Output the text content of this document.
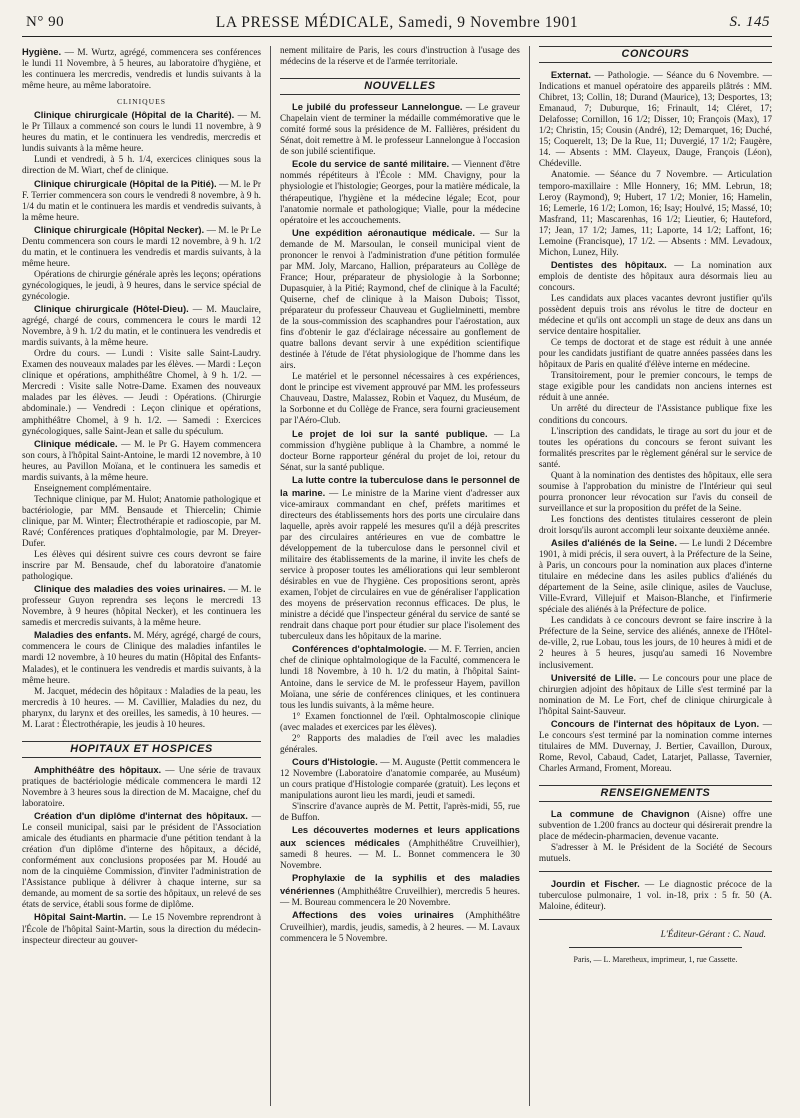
N° 90	LA PRESSE MÉDICALE, Samedi, 9 Novembre 1901	S. 145

Hygiène. — M. Wurtz, agrégé, commencera ses conférences le lundi 11 Novembre, à 5 heures, au laboratoire d'hygiène, et les continuera les mercredis, vendredis et lundis suivants à la même heure, au même laboratoire.

CLINIQUES

Clinique chirurgicale (Hôpital de la Charité). — M. le Pr Tillaux a commencé son cours le lundi 11 novembre, à 9 heures du matin, et le continuera les vendredis, mercredis et lundis suivants à la même heure.

Lundi et vendredi, à 5 h. 1/4, exercices cliniques sous la direction de M. Wiart, chef de clinique.

Clinique chirurgicale (Hôpital de la Pitié). — M. le Pr F. Terrier commencera son cours le vendredi 8 novembre, à 9 h. 1/4 du matin et le continuera les mardis et vendredis suivants, à la même heure.

Clinique chirurgicale (Hôpital Necker). — M. le Pr Le Dentu commencera son cours le mardi 12 novembre, à 9 h. 1/2 du matin, et le continuera les vendredis et mardis suivants, à la même heure.

Opérations de chirurgie générale après les leçons; opérations gynécologiques, le jeudi, à 9 heures, dans le service spécial de gynécologie.

Clinique chirurgicale (Hôtel-Dieu). — M. Mauclaire, agrégé, chargé de cours, commencera le cours le mardi 12 Novembre, à 9 h. 1/2 du matin, et le continuera les vendredis et mardis suivants, à la même heure.

Ordre du cours. — Lundi : Visite salle Saint-Laudry. Examen des nouveaux malades par les élèves. — Mardi : Leçon clinique et opérations, amphithéâtre Chomel, à 9 h. 1/2. — Mercredi : Visite salle Notre-Dame. Examen des nouveaux malades par les élèves. — Jeudi : Opérations. (Chirurgie abdominale.) — Vendredi : Leçon clinique et opérations, amphithéâtre Chomel, à 9 h. 1/2. — Samedi : Exercices gynécologiques, salle Saint-Jean et salle du spéculum.

Clinique médicale. — M. le Pr G. Hayem commencera son cours, à l'hôpital Saint-Antoine, le mardi 12 novembre, à 10 heures, au Pavillon Moïana, et le continuera les samedis et mardis suivants, à la même heure.

Enseignement complémentaire.

Technique clinique, par M. Hulot; Anatomie pathologique et bactériologie, par MM. Bensaude et Thiercelin; Chimie clinique, par M. Winter; Électrothérapie et radioscopie, par M. Ravé; Conférences pratiques d'ophtalmologie, par M. Dreyer-Dufer.

Les élèves qui désirent suivre ces cours devront se faire inscrire par M. Bensaude, chef du laboratoire d'anatomie pathologique.

Clinique des maladies des voies urinaires. — M. le professeur Guyon reprendra ses leçons le mercredi 13 Novembre, à 9 heures (hôpital Necker), et les continuera les samedis et mercredis suivants, à la même heure.

Maladies des enfants. M. Méry, agrégé, chargé de cours, commencera le cours de Clinique des maladies infantiles le mardi 12 novembre, à 10 heures du matin (Hôpital des Enfants-Malades), et le continuera les vendredis et mardis suivants, à la même heure.

M. Jacquet, médecin des hôpitaux : Maladies de la peau, les mercredis à 10 heures. — M. Cavillier, Maladies du nez, du pharynx, du larynx et des oreilles, les samedis, à 10 heures. — M. Larat : Électrothérapie, les jeudis à 10 heures.

HOPITAUX ET HOSPICES

Amphithéâtre des hôpitaux. — Une série de travaux pratiques de bactériologie médicale commencera le mardi 12 Novembre à 3 heures sous la direction de M. Macaigne, chef du laboratoire.

Création d'un diplôme d'internat des hôpitaux. — Le conseil municipal, saisi par le président de l'Association amicale des étudiants en pharmacie d'une pétition tendant à la création d'un diplôme d'interne des hôpitaux, a décidé, conformément aux conclusions proposées par M. Houdé au nom de la cinquième Commission, d'inviter l'administration de l'Assistance publique à délivrer à chaque interne, sur sa demande, au moment de sa sortie des hôpitaux, un relevé de ses états de service, établi sous forme de diplôme.

Hôpital Saint-Martin. — Le 15 Novembre reprendront à l'École de l'hôpital Saint-Martin, sous la direction du médecin-inspecteur directeur au gouver-

nement militaire de Paris, les cours d'instruction à l'usage des médecins de la réserve et de l'armée territoriale.

NOUVELLES

Le jubilé du professeur Lannelongue. — Le graveur Chapelain vient de terminer la médaille commémorative que le comité formé sous la présidence de M. Fallières, président du Sénat, doit remettre à M. le professeur Lannelongue à l'occasion de son jubilé scientifique.

Ecole du service de santé militaire. — Viennent d'être nommés répétiteurs à l'École : MM. Chavigny, pour la physiologie et l'histologie; Georges, pour la matière médicale, la thérapeutique, l'hygiène et la médecine légale; Ecot, pour l'anatomie normale et pathologique; Vialle, pour la médecine opératoire et les accouchements.

Une expédition aéronautique médicale. — Sur la demande de M. Marsoulan, le conseil municipal vient de prononcer le renvoi à l'administration d'une pétition formulée par MM. Joly, Marcano, Hallion, préparateurs au Collège de France; Hour, préparateur de physiologie à la Sorbonne; Dupasquier, à la Pitié; Raymond, chef de clinique à la Faculté; Quiserne, chef de clinique à la Maison Dubois; Tissot, préparateur du professeur Chauveau et Guglielminetti, membre de la sous-commission des scaphandres pour l'aérostation, aux fins d'obtenir le gaz d'éclairage nécessaire au gonflement de quatre ballons devant servir à une expédition scientifique destinée à l'étude de l'état physiologique de l'homme dans les airs.

Le matériel et le personnel nécessaires à ces expériences, dont le principe est vivement approuvé par MM. les professeurs Chauveau, Dastre, Malassez, Robin et Vaquez, du Muséum, de la Sorbonne et du Collège de France, sera fourni gracieusement par l'Aéro-Club.

Le projet de loi sur la santé publique. — La commission d'hygiène publique à la Chambre, a nommé le docteur Borne rapporteur général du projet de loi, retour du Sénat, sur la santé publique.

La lutte contre la tuberculose dans le personnel de la marine. — Le ministre de la Marine vient d'adresser aux vice-amiraux commandant en chef, préfets maritimes et directeurs des établissements hors des ports une circulaire dans laquelle, après avoir rappelé les mesures qu'il a déjà prescrites par des circulaires antérieures en vue de combattre le développement de la tuberculose dans le personnel civil et militaire des établissements de la marine, il invite les chefs de service à proposer toutes les améliorations qui leur sembleront désirables en vue de l'hygiène. Ces propositions seront, après examen, l'objet de circulaires en vue de généraliser l'application des moyens de préservation reconnus efficaces. De plus, le ministre a décidé que l'inspecteur général du service de santé se rendrait dans chaque port pour étudier sur place l'isolement des tuberculeux dans les hôpitaux de la marine.

Conférences d'ophtalmologie. — M. F. Terrien, ancien chef de clinique ophtalmologique de la Faculté, commencera le lundi 18 Novembre, à 10 h. 1/2 du matin, à l'hôpital Saint-Antoine, dans le service de M. le professeur Hayem, pavillon Moïana, une série de conférences cliniques, et les continuera tous les lundis suivants, à la même heure.

1° Examen fonctionnel de l'œil. Ophtalmoscopie clinique (avec malades et exercices par les élèves).

2° Rapports des maladies de l'œil avec les maladies générales.

Cours d'Histologie. — M. Auguste (Pettit commencera le 12 Novembre (Laboratoire d'anatomie comparée, au Muséum) un cours pratique d'Histologie comparée (gratuit). Les leçons et manipulations auront lieu les mardi, jeudi et samedi.

S'inscrire d'avance auprès de M. Pettit, l'après-midi, 55, rue de Buffon.

Les découvertes modernes et leurs applications aux sciences médicales (Amphithéâtre Cruveilhier), samedi 8 heures. — M. L. Bonnet commencera le 30 Novembre.

Prophylaxie de la syphilis et des maladies vénériennes (Amphithéâtre Cruveilhier), mercredis 5 heures. — M. Boureau commencera le 20 Novembre.

Affections des voies urinaires (Amphithéâtre Cruveilhier), mardis, jeudis, samedis, à 2 heures. — M. Lavaux commencera le 5 Novembre.

CONCOURS

Externat. — Pathologie. — Séance du 6 Novembre. — Indications et manuel opératoire des appareils plâtrés : MM. Chibret, 13; Collin, 18; Durand (Maurice), 13; Desportes, 13; Emanaud, 7; Duburque, 16; Frinault, 14; Cléret, 17; Delafosse; Cornillon, 16 1/2; Disser, 10; François (Max), 17 1/2; Christin, 15; Cousin (André), 12; Demarquet, 16; Duché, 15; Coquerelt, 13; De la Rue, 11; Duvergié, 17 1/2; Faugère, 14. — Absents : MM. Clayeux, Dauge, François (Léon), Chédeville.

Anatomie. — Séance du 7 Novembre. — Articulation temporo-maxillaire : Mlle Honnery, 16; MM. Lebrun, 18; Leroy (Raymond), 9; Hubert, 17 1/2; Monier, 16; Hamelin, 16; Lemerle, 16 1/2; Lomon, 16; Isay; Houlvé, 15; Massé, 10; Masfrand, 11; Mascarenhas, 16 1/2; Lieutier, 6; Hauteford, 17; Jean, 17 1/2; James, 11; Laporte, 14 1/2; Laffont, 16; Lemoine (Francisque), 17 1/2. — Absents : MM. Levadoux, Michon, Lunez, Hily.

Dentistes des hôpitaux. — La nomination aux emplois de dentiste des hôpitaux aura désormais lieu au concours.

Les candidats aux places vacantes devront justifier qu'ils possèdent depuis trois ans révolus le titre de docteur en médecine et qu'ils ont accompli un stage de deux ans dans un service dentaire hospitalier.

Ce temps de doctorat et de stage est réduit à une année pour les candidats justifiant de quatre années passées dans les hôpitaux de Paris en qualité d'élève interne en médecine.

Transitoirement, pour le premier concours, le temps de stage exigible pour les candidats non anciens internes est réduit à une année.

Un arrêté du directeur de l'Assistance publique fixe les conditions du concours.

L'inscription des candidats, le tirage au sort du jour et de toutes les opérations du concours se feront suivant les formalités prescrites par le règlement général sur le service de santé.

Quant à la nomination des dentistes des hôpitaux, elle sera soumise à l'approbation du ministre de l'Intérieur qui seul pourra prononcer leur révocation sur l'avis du conseil de surveillance et sur la proposition du préfet de la Seine.

Les fonctions des dentistes titulaires cesseront de plein droit lorsqu'ils auront accompli leur soixante deuxième année.

Asiles d'aliénés de la Seine. — Le lundi 2 Décembre 1901, à midi précis, il sera ouvert, à la Préfecture de la Seine, à Paris, un concours pour la nomination aux places d'interne titulaire en médecine dans les asiles publics d'aliénés du département de la Seine, asile clinique, asiles de Vaucluse, Ville-Evrard, Villejuif et Maison-Blanche, et l'infirmerie spéciale des aliénés à la Préfecture de police.

Les candidats à ce concours devront se faire inscrire à la Préfecture de la Seine, service des aliénés, annexe de l'Hôtel-de-ville, 2, rue Lobau, tous les jours, de 10 heures à midi et de 2 heures à 5 heures, jusqu'au samedi 16 Novembre inclusivement.

Université de Lille. — Le concours pour une place de chirurgien adjoint des hôpitaux de Lille s'est terminé par la nomination de M. Le Fort, chef de clinique chirurgicale à l'hôpital Saint-Sauveur.

Concours de l'internat des hôpitaux de Lyon. — Le concours s'est terminé par la nomination comme internes titulaires de MM. Duvernay, J. Bertier, Cavaillon, Duroux, Rome, Revol, Cabaud, Cadet, Latarjet, Pallasse, Tavernier, Charles Armand, Froment, Moreau.

RENSEIGNEMENTS

La commune de Chavignon (Aisne) offre une subvention de 1.200 francs au docteur qui désirerait prendre la place de médecin-pharmacien, devenue vacante.

S'adresser à M. le Président de la Société de Secours mutuels.

Jourdin et Fischer. — Le diagnostic précoce de la tuberculose pulmonaire, 1 vol. in-18, prix : 5 fr. 50 (A. Maloine, éditeur).

L'Éditeur-Gérant : C. Naud.
Paris, — L. Maretheux, imprimeur, 1, rue Cassette.
